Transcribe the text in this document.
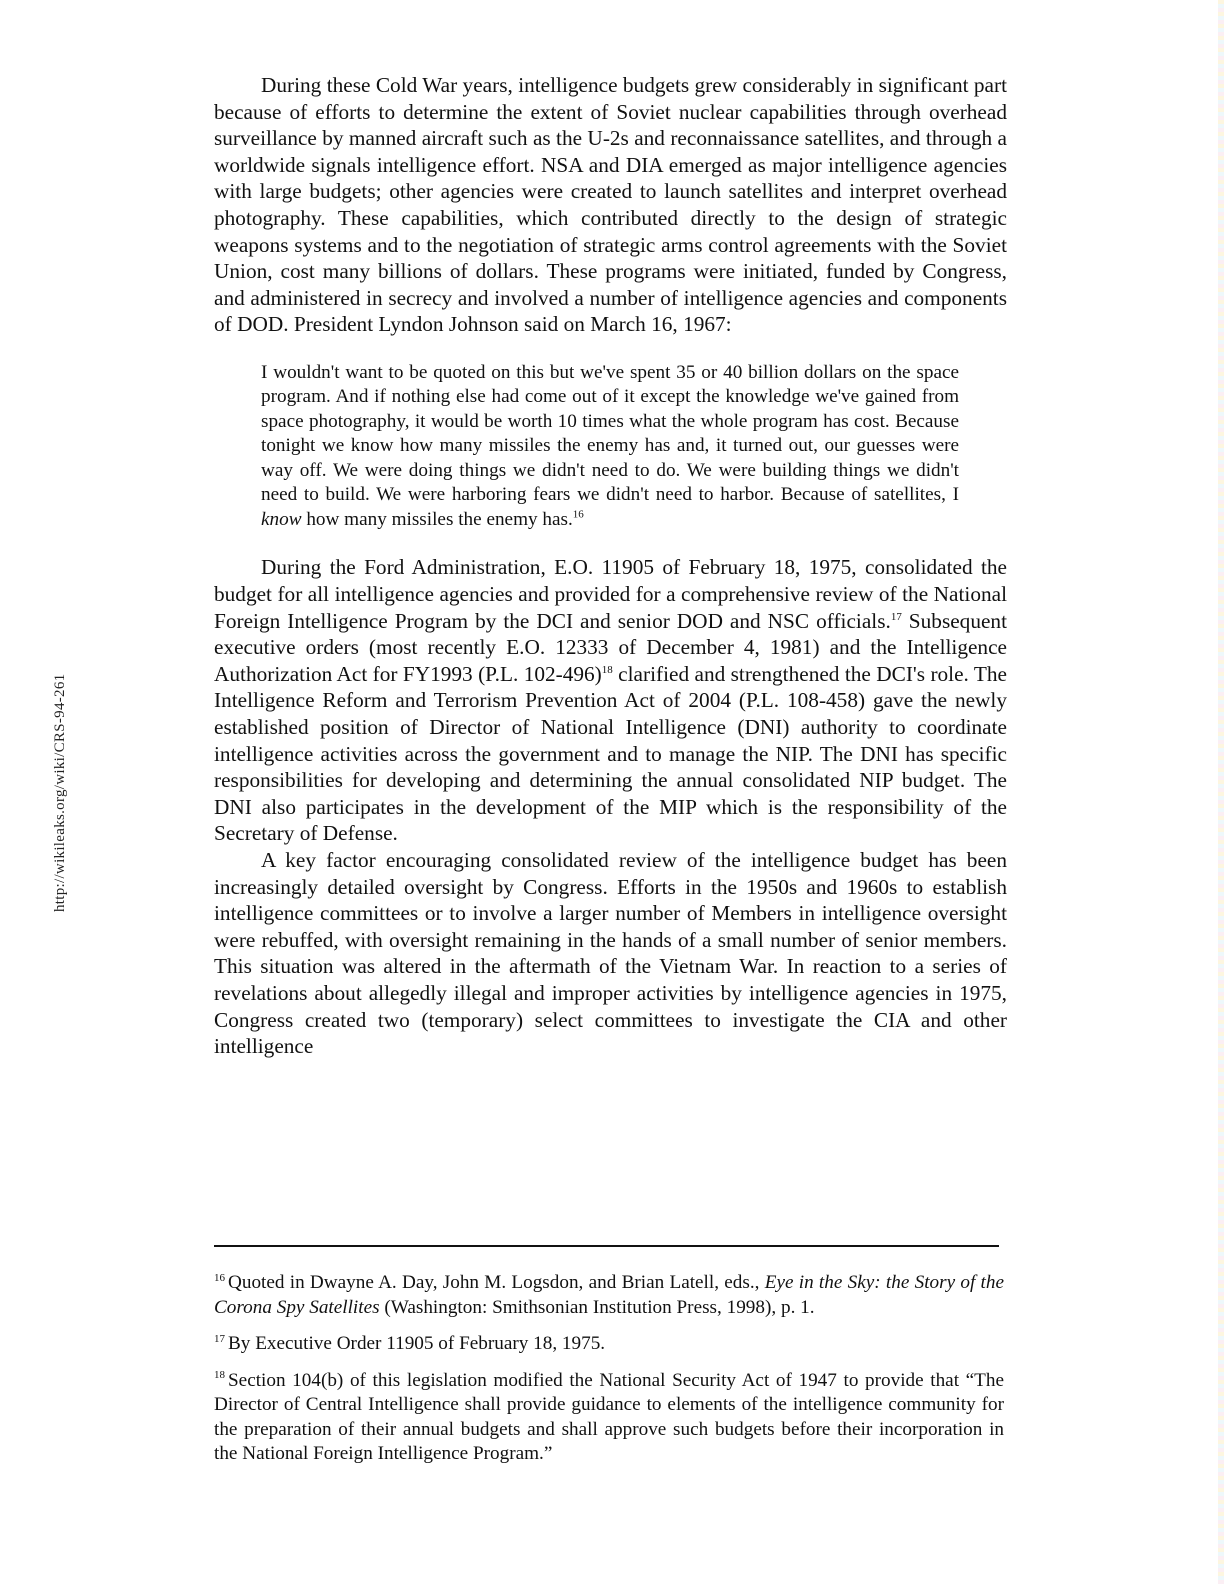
http://wikileaks.org/wiki/CRS-94-261

During these Cold War years, intelligence budgets grew considerably in significant part because of efforts to determine the extent of Soviet nuclear capabilities through overhead surveillance by manned aircraft such as the U-2s and reconnaissance satellites, and through a worldwide signals intelligence effort. NSA and DIA emerged as major intelligence agencies with large budgets; other agencies were created to launch satellites and interpret overhead photography. These capabilities, which contributed directly to the design of strategic weapons systems and to the negotiation of strategic arms control agreements with the Soviet Union, cost many billions of dollars. These programs were initiated, funded by Congress, and administered in secrecy and involved a number of intelligence agencies and components of DOD. President Lyndon Johnson said on March 16, 1967:

I wouldn't want to be quoted on this but we've spent 35 or 40 billion dollars on the space program. And if nothing else had come out of it except the knowledge we've gained from space photography, it would be worth 10 times what the whole program has cost. Because tonight we know how many missiles the enemy has and, it turned out, our guesses were way off. We were doing things we didn't need to do. We were building things we didn't need to build. We were harboring fears we didn't need to harbor. Because of satellites, I know how many missiles the enemy has.$^{16}$

During the Ford Administration, E.O. 11905 of February 18, 1975, consolidated the budget for all intelligence agencies and provided for a comprehensive review of the National Foreign Intelligence Program by the DCI and senior DOD and NSC officials.$^{17}$ Subsequent executive orders (most recently E.O. 12333 of December 4, 1981) and the Intelligence Authorization Act for FY1993 (P.L. 102-496)$^{18}$ clarified and strengthened the DCI's role. The Intelligence Reform and Terrorism Prevention Act of 2004 (P.L. 108-458) gave the newly established position of Director of National Intelligence (DNI) authority to coordinate intelligence activities across the government and to manage the NIP. The DNI has specific responsibilities for developing and determining the annual consolidated NIP budget. The DNI also participates in the development of the MIP which is the responsibility of the Secretary of Defense.

A key factor encouraging consolidated review of the intelligence budget has been increasingly detailed oversight by Congress. Efforts in the 1950s and 1960s to establish intelligence committees or to involve a larger number of Members in intelligence oversight were rebuffed, with oversight remaining in the hands of a small number of senior members. This situation was altered in the aftermath of the Vietnam War. In reaction to a series of revelations about allegedly illegal and improper activities by intelligence agencies in 1975, Congress created two (temporary) select committees to investigate the CIA and other intelligence

$^{16}$ Quoted in Dwayne A. Day, John M. Logsdon, and Brian Latell, eds., Eye in the Sky: the Story of the Corona Spy Satellites (Washington: Smithsonian Institution Press, 1998), p. 1.

$^{17}$ By Executive Order 11905 of February 18, 1975.

$^{18}$ Section 104(b) of this legislation modified the National Security Act of 1947 to provide that “The Director of Central Intelligence shall provide guidance to elements of the intelligence community for the preparation of their annual budgets and shall approve such budgets before their incorporation in the National Foreign Intelligence Program.”
